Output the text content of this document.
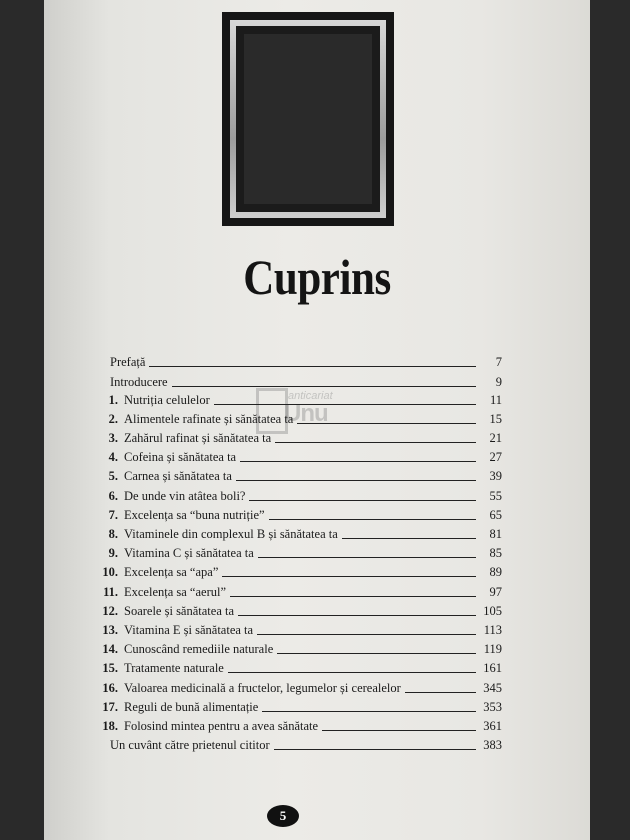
Cuprins
anticariat
Unu
Prefață	7
Introducere	9
1. Nutriția celulelor	11
2. Alimentele rafinate și sănătatea ta	15
3. Zahărul rafinat și sănătatea ta	21
4. Cofeina și sănătatea ta	27
5. Carnea și sănătatea ta	39
6. De unde vin atâtea boli?	55
7. Excelența sa “buna nutriție”	65
8. Vitaminele din complexul B și sănătatea ta	81
9. Vitamina C și sănătatea ta	85
10. Excelența sa “apa”	89
11. Excelența sa “aerul”	97
12. Soarele și sănătatea ta	105
13. Vitamina E și sănătatea ta	113
14. Cunoscând remediile naturale	119
15. Tratamente naturale	161
16. Valoarea medicinală a fructelor, legumelor și cerealelor	345
17. Reguli de bună alimentație	353
18. Folosind mintea pentru a avea sănătate	361
Un cuvânt către prietenul cititor	383
5
